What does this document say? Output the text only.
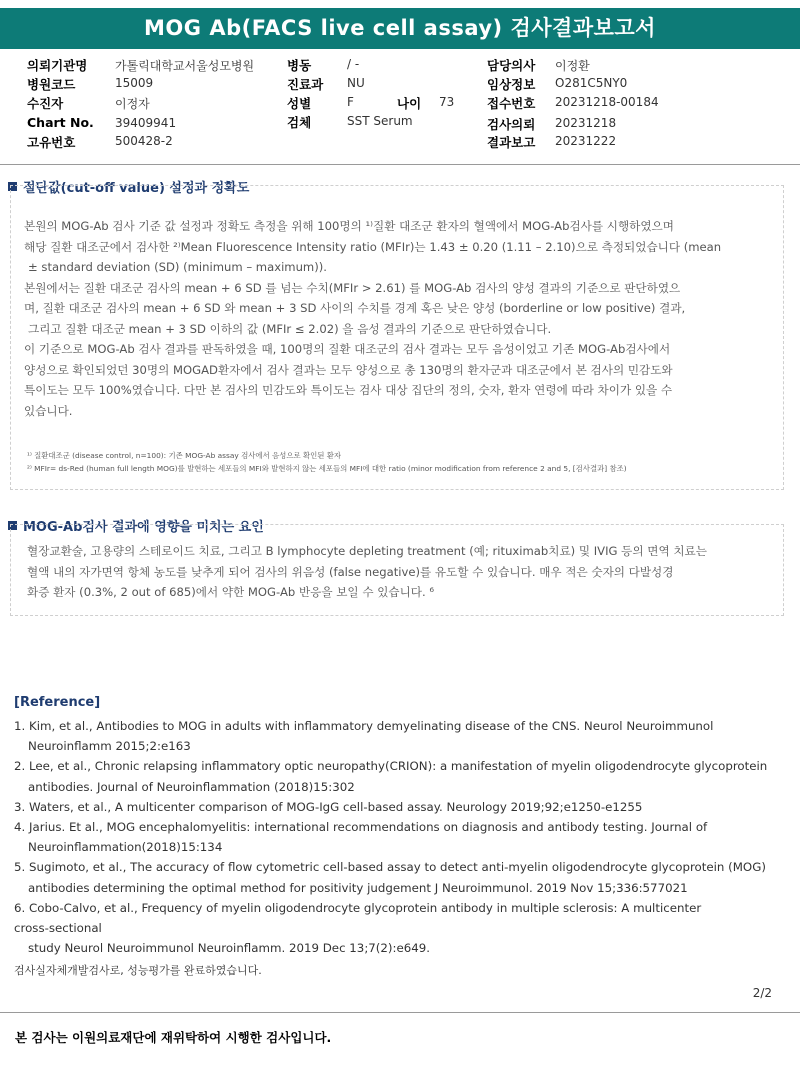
MOG Ab(FACS live cell assay) 검사결과보고서
의뢰기관명 가톨릭대학교서울성모병원
병원코드	15009
수진자	이정자
Chart No. 39409941
고유번호	500428-2
병동	/ -
진료과 NU
성별	F	나이 73
검체	SST Serum
담당의사 이정환
임상정보 O281C5NY0
접수번호 20231218-00184
검사의뢰 20231218
결과보고 20231222
절단값(cut-off value) 설정과 정확도

본원의 MOG-Ab 검사 기준 값 설정과 정확도 측정을 위해 100명의 ¹⁾질환 대조군 환자의 혈액에서 MOG-Ab검사를 시행하였으며

해당 질환 대조군에서 검사한 ²⁾Mean Fluorescence Intensity ratio (MFIr)는 1.43 ± 0.20 (1.11 – 2.10)으로 측정되었습니다 (mean

± standard deviation (SD) (minimum – maximum)).

본원에서는 질환 대조군 검사의 mean + 6 SD 를 넘는 수치(MFIr > 2.61) 를 MOG-Ab 검사의 양성 결과의 기준으로 판단하였으

며, 질환 대조군 검사의 mean + 6 SD 와 mean + 3 SD 사이의 수치를 경계 혹은 낮은 양성 (borderline or low positive) 결과,

그리고 질환 대조군 mean + 3 SD 이하의 값 (MFIr ≤ 2.02) 을 음성 결과의 기준으로 판단하였습니다.

이 기준으로 MOG-Ab 검사 결과를 판독하였을 때, 100명의 질환 대조군의 검사 결과는 모두 음성이었고 기존 MOG-Ab검사에서

양성으로 확인되었던 30명의 MOGAD환자에서 검사 결과는 모두 양성으로 총 130명의 환자군과 대조군에서 본 검사의 민감도와

특이도는 모두 100%였습니다. 다만 본 검사의 민감도와 특이도는 검사 대상 집단의 정의, 숫자, 환자 연령에 따라 차이가 있을 수

있습니다.

¹⁾ 질환대조군 (disease control, n=100): 기존 MOG-Ab assay 검사에서 음성으로 확인된 환자
²⁾ MFIr= ds-Red (human full length MOG)를 발현하는 세포들의 MFI와 발현하지 않는 세포들의 MFI에 대한 ratio (minor modification from reference 2 and 5, [검사결과] 참조)
MOG-Ab검사 결과에 영향을 미치는 요인

혈장교환술, 고용량의 스테로이드 치료, 그리고 B lymphocyte depleting treatment (예; rituximab치료) 및 IVIG 등의 면역 치료는

혈액 내의 자가면역 항체 농도를 낮추게 되어 검사의 위음성 (false negative)를 유도할 수 있습니다. 매우 적은 숫자의 다발성경

화증 환자 (0.3%, 2 out of 685)에서 약한 MOG-Ab 반응을 보일 수 있습니다. ⁶

[Reference]
1. Kim, et al., Antibodies to MOG in adults with inflammatory demyelinating disease of the CNS. Neurol Neuroimmunol
Neuroinflamm 2015;2:e163
2. Lee, et al., Chronic relapsing inflammatory optic neuropathy(CRION): a manifestation of myelin oligodendrocyte glycoprotein
antibodies. Journal of Neuroinflammation (2018)15:302
3. Waters, et al., A multicenter comparison of MOG-IgG cell-based assay. Neurology 2019;92;e1250-e1255
4. Jarius. Et al., MOG encephalomyelitis: international recommendations on diagnosis and antibody testing. Journal of
Neuroinflammation(2018)15:134
5. Sugimoto, et al., The accuracy of flow cytometric cell-based assay to detect anti-myelin oligodendrocyte glycoprotein (MOG)
antibodies determining the optimal method for positivity judgement J Neuroimmunol. 2019 Nov 15;336:577021
6. Cobo-Calvo, et al., Frequency of myelin oligodendrocyte glycoprotein antibody in multiple sclerosis: A multicenter
cross-sectional
study Neurol Neuroimmunol Neuroinflamm. 2019 Dec 13;7(2):e649.
검사실자체개발검사로, 성능평가를 완료하였습니다.
2/2
본 검사는 이원의료재단에 재위탁하여 시행한 검사입니다.
